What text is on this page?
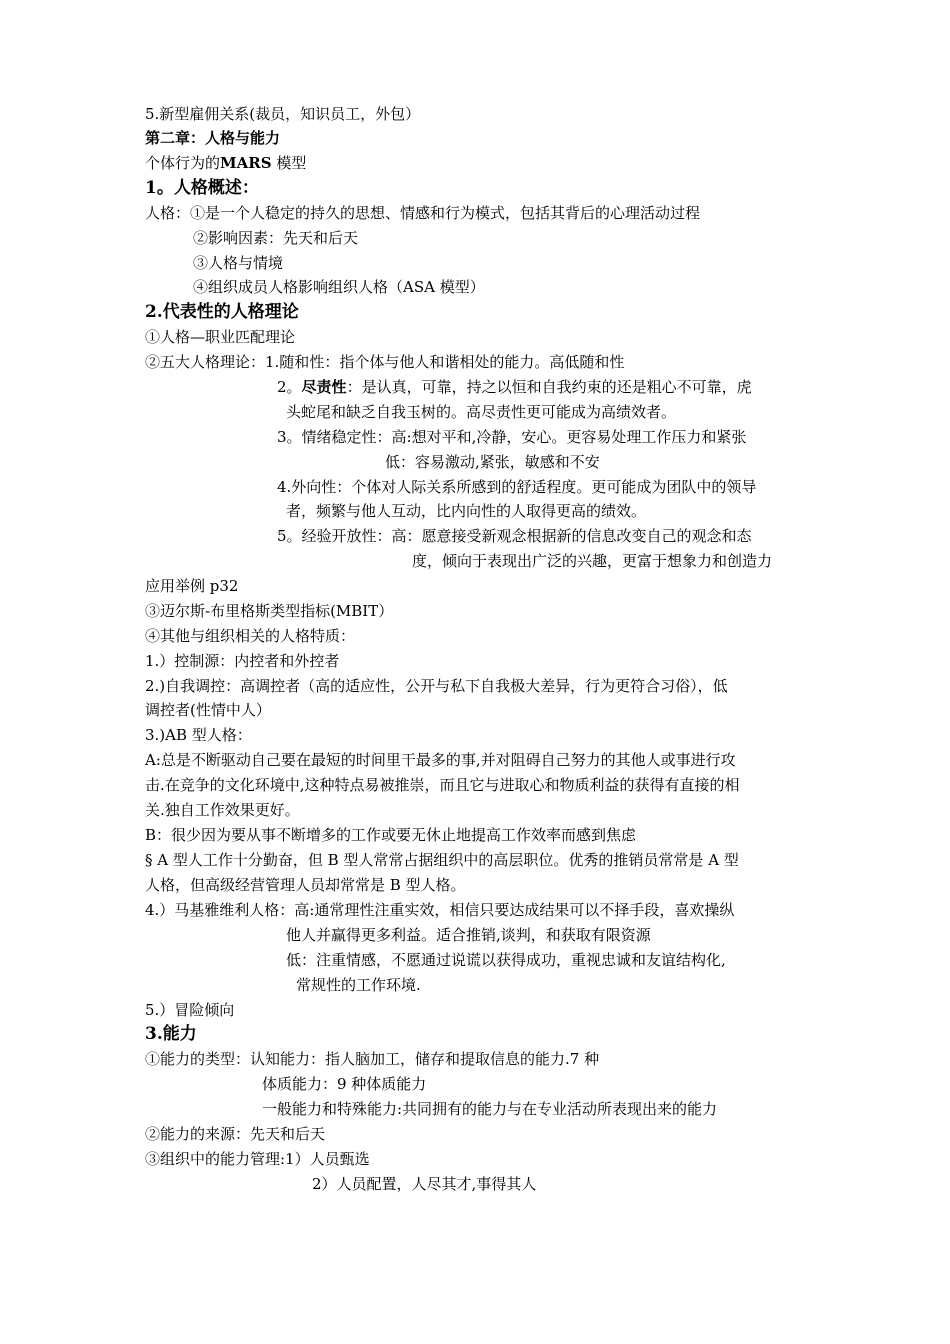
5.新型雇佣关系(裁员，知识员工，外包）
第二章：人格与能力
个体行为的MARS 模型
1。人格概述：
人格：①是一个人稳定的持久的思想、情感和行为模式，包括其背后的心理活动过程
②影响因素：先天和后天
③人格与情境
④组织成员人格影响组织人格（ASA 模型）
2.代表性的人格理论
①人格—职业匹配理论
②五大人格理论：1.随和性：指个体与他人和谐相处的能力。高低随和性
2。尽责性：是认真，可靠，持之以恒和自我约束的还是粗心不可靠，虎
头蛇尾和缺乏自我玉树的。高尽责性更可能成为高绩效者。
3。情绪稳定性：高:想对平和,冷静，安心。更容易处理工作压力和紧张
低：容易激动,紧张，敏感和不安
4.外向性：个体对人际关系所感到的舒适程度。更可能成为团队中的领导
者，频繁与他人互动，比内向性的人取得更高的绩效。
5。经验开放性：高：愿意接受新观念根据新的信息改变自己的观念和态
度，倾向于表现出广泛的兴趣，更富于想象力和创造力
应用举例 p32
③迈尔斯-布里格斯类型指标(MBIT）
④其他与组织相关的人格特质：
1.）控制源：内控者和外控者
2.)自我调控：高调控者（高的适应性，公开与私下自我极大差异，行为更符合习俗），低
调控者(性情中人）
3.)AB 型人格：
A:总是不断驱动自己要在最短的时间里干最多的事,并对阻碍自己努力的其他人或事进行攻
击.在竞争的文化环境中,这种特点易被推崇，而且它与进取心和物质利益的获得有直接的相
关.独自工作效果更好。
B：很少因为要从事不断增多的工作或要无休止地提高工作效率而感到焦虑
§ A 型人工作十分勤奋，但 B 型人常常占据组织中的高层职位。优秀的推销员常常是 A 型
人格，但高级经营管理人员却常常是 B 型人格。
4.）马基雅维利人格：高:通常理性注重实效，相信只要达成结果可以不择手段，喜欢操纵
他人并赢得更多利益。适合推销,谈判，和获取有限资源
低：注重情感，不愿通过说谎以获得成功，重视忠诚和友谊结构化,
常规性的工作环境.
5.）冒险倾向
3.能力
①能力的类型：认知能力：指人脑加工，储存和提取信息的能力.7 种
体质能力：9 种体质能力
一般能力和特殊能力:共同拥有的能力与在专业活动所表现出来的能力
②能力的来源：先天和后天
③组织中的能力管理:1）人员甄选
2）人员配置，人尽其才,事得其人
